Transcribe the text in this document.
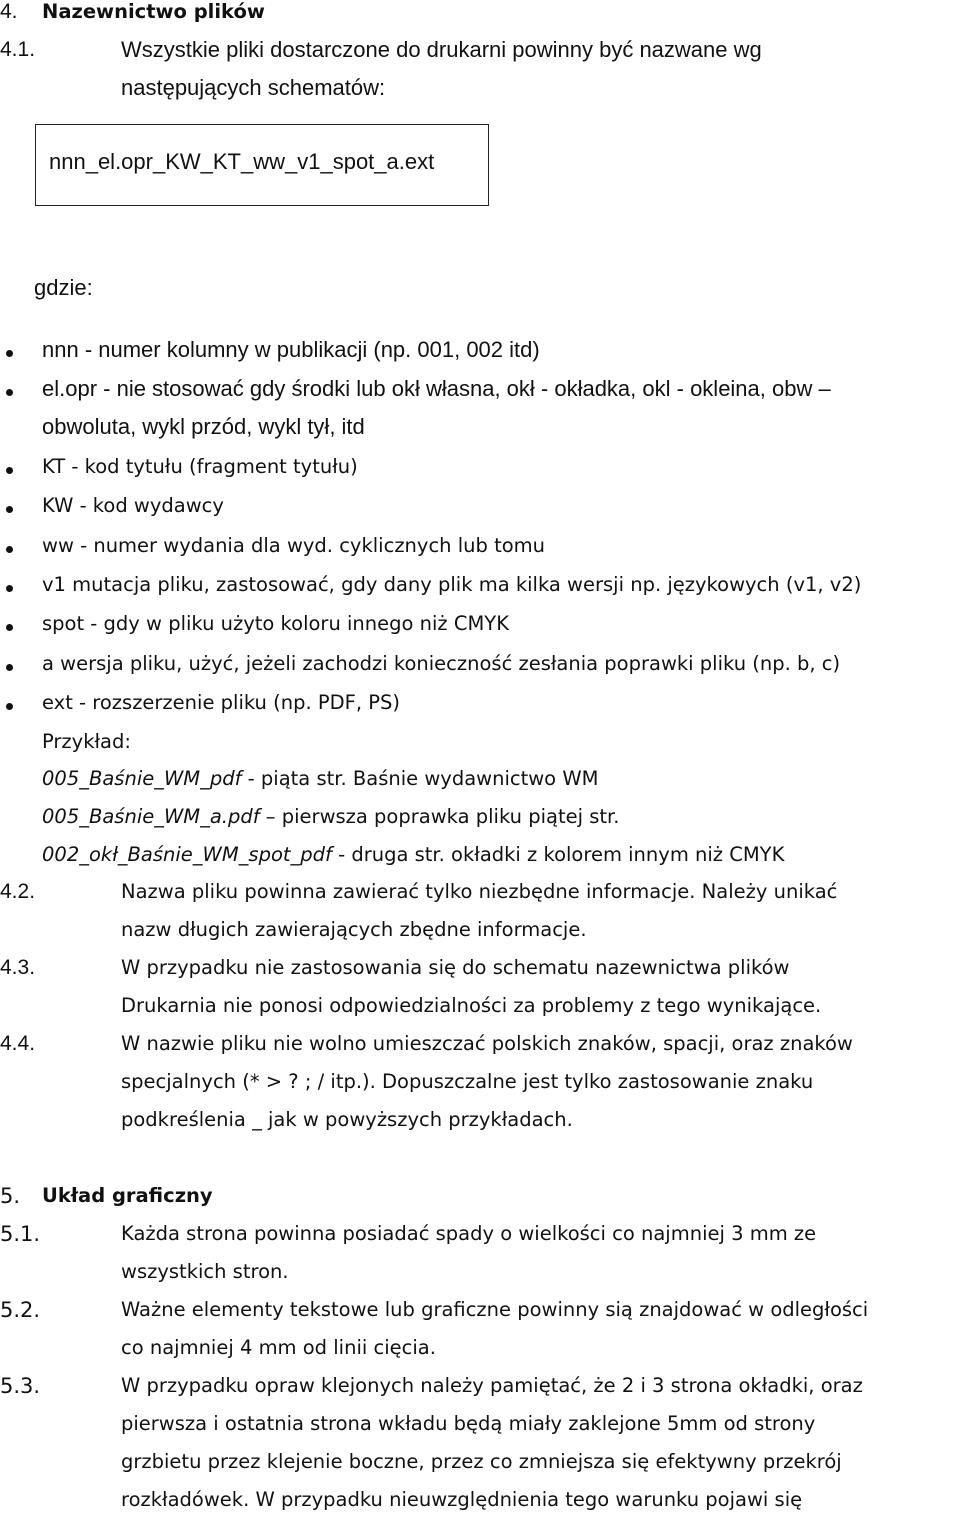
4. Nazewnictwo plików
4.1.	Wszystkie pliki dostarczone do drukarni powinny być nazwane wg
następujących schematów:
nnn_el.opr_KW_KT_ww_v1_spot_a.ext
gdzie:
nnn - numer kolumny w publikacji (np. 001, 002 itd)
el.opr - nie stosować gdy środki lub okł własna, okł - okładka, okl - okleina, obw –
obwoluta, wykl przód, wykl tył, itd
KT - kod tytułu (fragment tytułu)
KW - kod wydawcy
ww - numer wydania dla wyd. cyklicznych lub tomu
v1 mutacja pliku, zastosować, gdy dany plik ma kilka wersji np. językowych (v1, v2)
spot - gdy w pliku użyto koloru innego niż CMYK
a wersja pliku, użyć, jeżeli zachodzi konieczność zesłania poprawki pliku (np. b, c)
ext - rozszerzenie pliku (np. PDF, PS)
Przykład:
005_Baśnie_WM_pdf - piąta str. Baśnie wydawnictwo WM
005_Baśnie_WM_a.pdf – pierwsza poprawka pliku piątej str.
002_okł_Baśnie_WM_spot_pdf - druga str. okładki z kolorem innym niż CMYK
4.2.	Nazwa pliku powinna zawierać tylko niezbędne informacje. Należy unikać
nazw długich zawierających zbędne informacje.
4.3.	W przypadku nie zastosowania się do schematu nazewnictwa plików
Drukarnia nie ponosi odpowiedzialności za problemy z tego wynikające.
4.4.	W nazwie pliku nie wolno umieszczać polskich znaków, spacji, oraz znaków
specjalnych (* > ? ; / itp.). Dopuszczalne jest tylko zastosowanie znaku
podkreślenia _ jak w powyższych przykładach.
5. Układ graficzny
5.1.	Każda strona powinna posiadać spady o wielkości co najmniej 3 mm ze
wszystkich stron.
5.2.	Ważne elementy tekstowe lub graficzne powinny sią znajdować w odległości
co najmniej 4 mm od linii cięcia.
5.3.	W przypadku opraw klejonych należy pamiętać, że 2 i 3 strona okładki, oraz
pierwsza i ostatnia strona wkładu będą miały zaklejone 5mm od strony
grzbietu przez klejenie boczne, przez co zmniejsza się efektywny przekrój
rozkładówek. W przypadku nieuwzględnienia tego warunku pojawi się
